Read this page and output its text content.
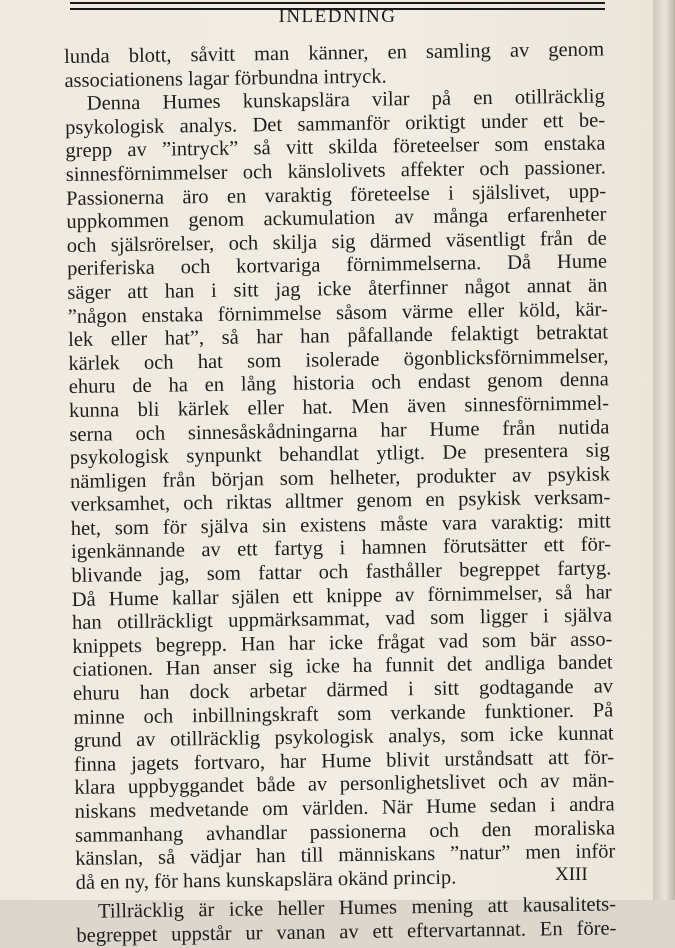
INLEDNING
lunda blott, såvitt man känner, en samling av genom
associationens lagar förbundna intryck.
Denna Humes kunskapslära vilar på en otillräcklig
psykologisk analys. Det sammanför oriktigt under ett be-
grepp av ”intryck” så vitt skilda företeelser som enstaka
sinnesförnimmelser och känslolivets affekter och passioner.
Passionerna äro en varaktig företeelse i själslivet, upp-
uppkommen genom ackumulation av många erfarenheter
och själsrörelser, och skilja sig därmed väsentligt från de
periferiska och kortvariga förnimmelserna. Då Hume
säger att han i sitt jag icke återfinner något annat än
”någon enstaka förnimmelse såsom värme eller köld, kär-
lek eller hat”, så har han påfallande felaktigt betraktat
kärlek och hat som isolerade ögonblicksförnimmelser,
ehuru de ha en lång historia och endast genom denna
kunna bli kärlek eller hat. Men även sinnesförnimmel-
serna och sinnesåskådningarna har Hume från nutida
psykologisk synpunkt behandlat ytligt. De presentera sig
nämligen från början som helheter, produkter av psykisk
verksamhet, och riktas alltmer genom en psykisk verksam-
het, som för själva sin existens måste vara varaktig: mitt
igenkännande av ett fartyg i hamnen förutsätter ett för-
blivande jag, som fattar och fasthåller begreppet fartyg.
Då Hume kallar själen ett knippe av förnimmelser, så har
han otillräckligt uppmärksammat, vad som ligger i själva
knippets begrepp. Han har icke frågat vad som bär asso-
ciationen. Han anser sig icke ha funnit det andliga bandet
ehuru han dock arbetar därmed i sitt godtagande av
minne och inbillningskraft som verkande funktioner. På
grund av otillräcklig psykologisk analys, som icke kunnat
finna jagets fortvaro, har Hume blivit urståndsatt att för-
klara uppbyggandet både av personlighetslivet och av män-
niskans medvetande om världen. När Hume sedan i andra
sammanhang avhandlar passionerna och den moraliska
känslan, så vädjar han till människans ”natur” men inför
då en ny, för hans kunskapslära okänd princip.
Tillräcklig är icke heller Humes mening att kausalitets-
begreppet uppstår ur vanan av ett eftervartannat. En före-
XIII
